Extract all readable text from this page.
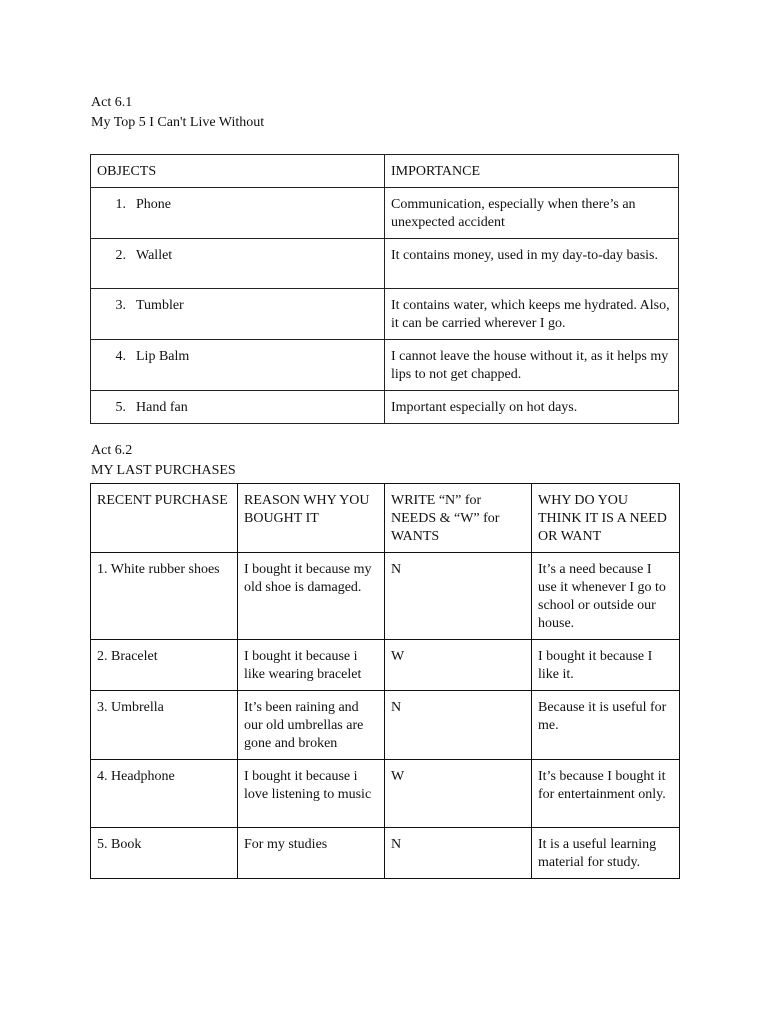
Act 6.1

My Top 5 I Can't Live Without

OBJECTS	IMPORTANCE
1. Phone	Communication, especially when there’s an unexpected accident
2. Wallet	It contains money, used in my day-to-day basis.
3. Tumbler	It contains water, which keeps me hydrated. Also, it can be carried wherever I go.
4. Lip Balm	I cannot leave the house without it, as it helps my lips to not get chapped.
5. Hand fan	Important especially on hot days.

Act 6.2

MY LAST PURCHASES

RECENT PURCHASE	REASON WHY YOU BOUGHT IT	WRITE “N” for NEEDS & “W” for WANTS	WHY DO YOU THINK IT IS A NEED OR WANT
1. White rubber shoes	I bought it because my old shoe is damaged.	N	It’s a need because I use it whenever I go to school or outside our house.
2. Bracelet	I bought it because i like wearing bracelet	W	I bought it because I like it.
3. Umbrella	It’s been raining and our old umbrellas are gone and broken	N	Because it is useful for me.
4. Headphone	I bought it because i love listening to music	W	It’s because I bought it for entertainment only.
5. Book	For my studies	N	It is a useful learning material for study.
